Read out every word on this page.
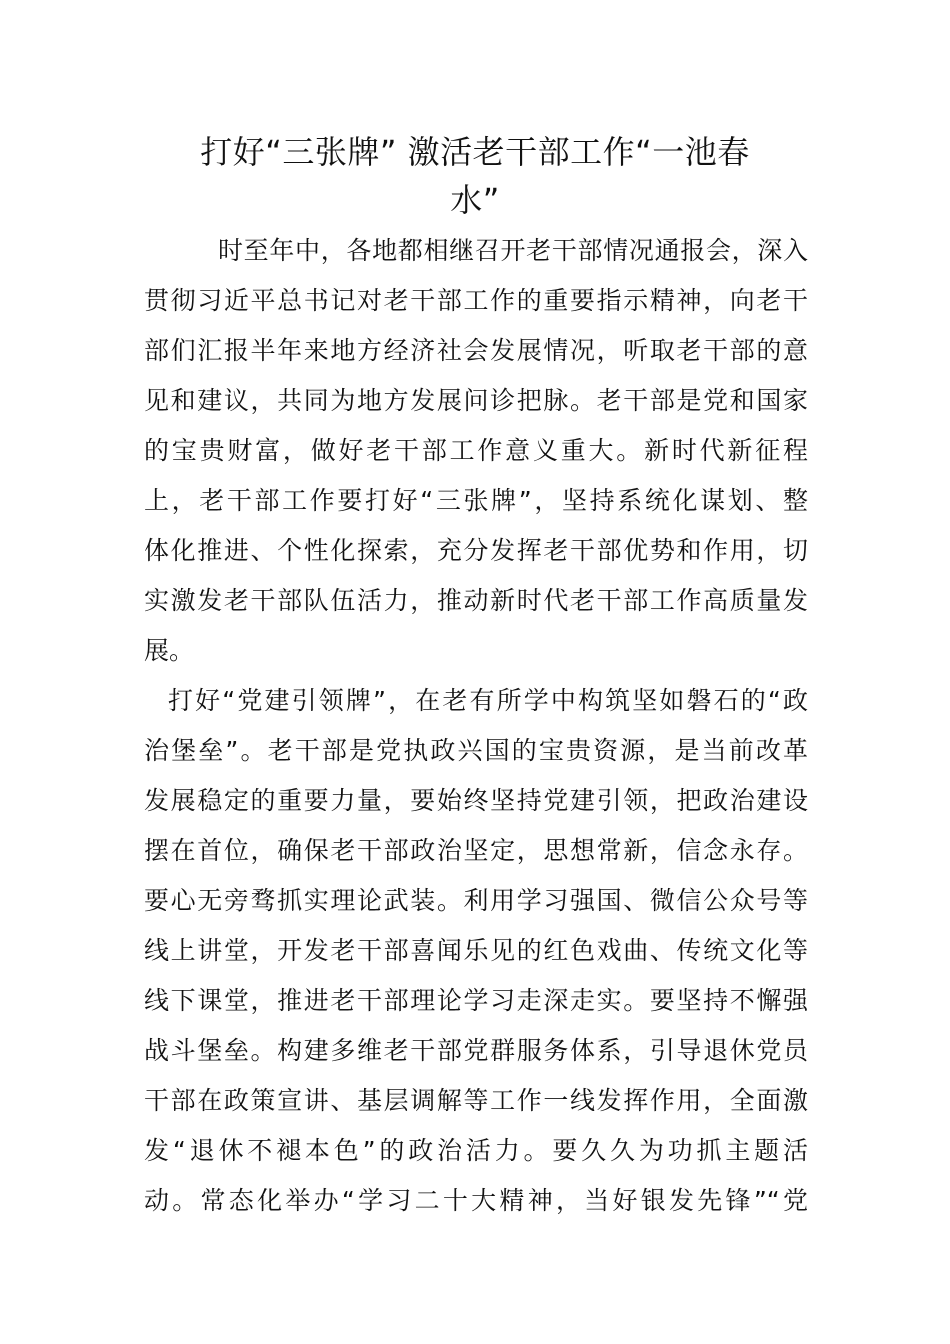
打好“三张牌” 激活老干部工作“一池春
水”
时至年中，各地都相继召开老干部情况通报会，深入
贯彻习近平总书记对老干部工作的重要指示精神，向老干
部们汇报半年来地方经济社会发展情况，听取老干部的意
见和建议，共同为地方发展问诊把脉。老干部是党和国家
的宝贵财富，做好老干部工作意义重大。新时代新征程
上，老干部工作要打好“三张牌”，坚持系统化谋划、整
体化推进、个性化探索，充分发挥老干部优势和作用，切
实激发老干部队伍活力，推动新时代老干部工作高质量发
展。
打好“党建引领牌”，在老有所学中构筑坚如磐石的“政
治堡垒”。老干部是党执政兴国的宝贵资源，是当前改革
发展稳定的重要力量，要始终坚持党建引领，把政治建设
摆在首位，确保老干部政治坚定，思想常新，信念永存。
要心无旁骛抓实理论武装。利用学习强国、微信公众号等
线上讲堂，开发老干部喜闻乐见的红色戏曲、传统文化等
线下课堂，推进老干部理论学习走深走实。要坚持不懈强
战斗堡垒。构建多维老干部党群服务体系，引导退休党员
干部在政策宣讲、基层调解等工作一线发挥作用，全面激
发“退休不褪本色”的政治活力。要久久为功抓主题活
动。常态化举办“学习二十大精神，当好银发先锋”“党
